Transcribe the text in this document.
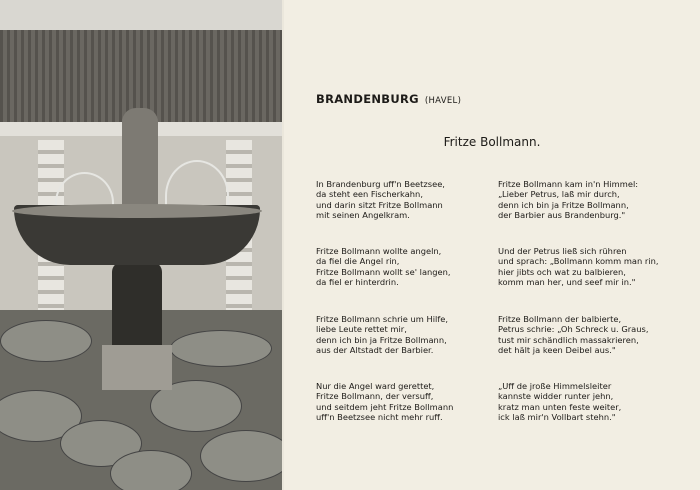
BRANDENBURG (HAVEL)
Fritze Bollmann.
In Brandenburg uff'n Beetzsee,
da steht een Fischerkahn,
und darin sitzt Fritze Bollmann
mit seinen Angelkram.
Fritze Bollmann wollte angeln,
da fiel die Angel rin,
Fritze Bollmann wollt se' langen,
da fiel er hinterdrin.
Fritze Bollmann schrie um Hilfe,
liebe Leute rettet mir,
denn ich bin ja Fritze Bollmann,
aus der Altstadt der Barbier.
Nur die Angel ward gerettet,
Fritze Bollmann, der versuff,
und seitdem jeht Fritze Bollmann
uff'n Beetzsee nicht mehr ruff.
Fritze Bollmann kam in'n Himmel:
„Lieber Petrus, laß mir durch,
denn ich bin ja Fritze Bollmann,
der Barbier aus Brandenburg."
Und der Petrus ließ sich rühren
und sprach: „Bollmann komm man rin,
hier jibts och wat zu balbieren,
komm man her, und seef mir in."
Fritze Bollmann der balbierte,
Petrus schrie: „Oh Schreck u. Graus,
tust mir schändlich massakrieren,
det hält ja keen Deibel aus."
„Uff de jroße Himmelsleiter
kannste widder runter jehn,
kratz man unten feste weiter,
ick laß mir'n Vollbart stehn."
